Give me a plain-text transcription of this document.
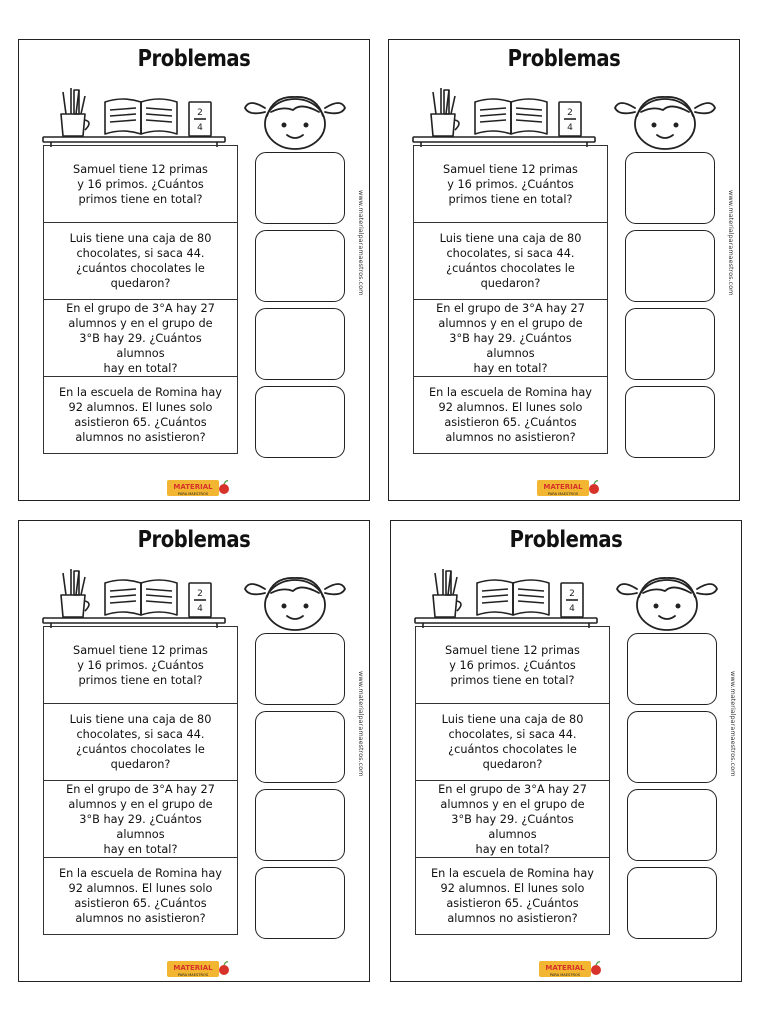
Problemas
2
4
Samuel tiene 12 primas
y 16 primos. ¿Cuántos
primos tiene en total?
Luis tiene una caja de 80
chocolates, si saca 44.
¿cuántos chocolates le
quedaron?
En el grupo de 3°A hay 27
alumnos y en el grupo de
3°B hay 29. ¿Cuántos alumnos
hay en total?
En la escuela de Romina hay
92 alumnos. El lunes solo
asistieron 65. ¿Cuántos
alumnos no asistieron?
www.materialparamaestros.com
MATERIAL
PARA MAESTROS
Problemas
2
4
Samuel tiene 12 primas
y 16 primos. ¿Cuántos
primos tiene en total?
Luis tiene una caja de 80
chocolates, si saca 44.
¿cuántos chocolates le
quedaron?
En el grupo de 3°A hay 27
alumnos y en el grupo de
3°B hay 29. ¿Cuántos alumnos
hay en total?
En la escuela de Romina hay
92 alumnos. El lunes solo
asistieron 65. ¿Cuántos
alumnos no asistieron?
www.materialparamaestros.com
MATERIAL
PARA MAESTROS
Problemas
2
4
Samuel tiene 12 primas
y 16 primos. ¿Cuántos
primos tiene en total?
Luis tiene una caja de 80
chocolates, si saca 44.
¿cuántos chocolates le
quedaron?
En el grupo de 3°A hay 27
alumnos y en el grupo de
3°B hay 29. ¿Cuántos alumnos
hay en total?
En la escuela de Romina hay
92 alumnos. El lunes solo
asistieron 65. ¿Cuántos
alumnos no asistieron?
www.materialparamaestros.com
MATERIAL
PARA MAESTROS
Problemas
2
4
Samuel tiene 12 primas
y 16 primos. ¿Cuántos
primos tiene en total?
Luis tiene una caja de 80
chocolates, si saca 44.
¿cuántos chocolates le
quedaron?
En el grupo de 3°A hay 27
alumnos y en el grupo de
3°B hay 29. ¿Cuántos alumnos
hay en total?
En la escuela de Romina hay
92 alumnos. El lunes solo
asistieron 65. ¿Cuántos
alumnos no asistieron?
www.materialparamaestros.com
MATERIAL
PARA MAESTROS
